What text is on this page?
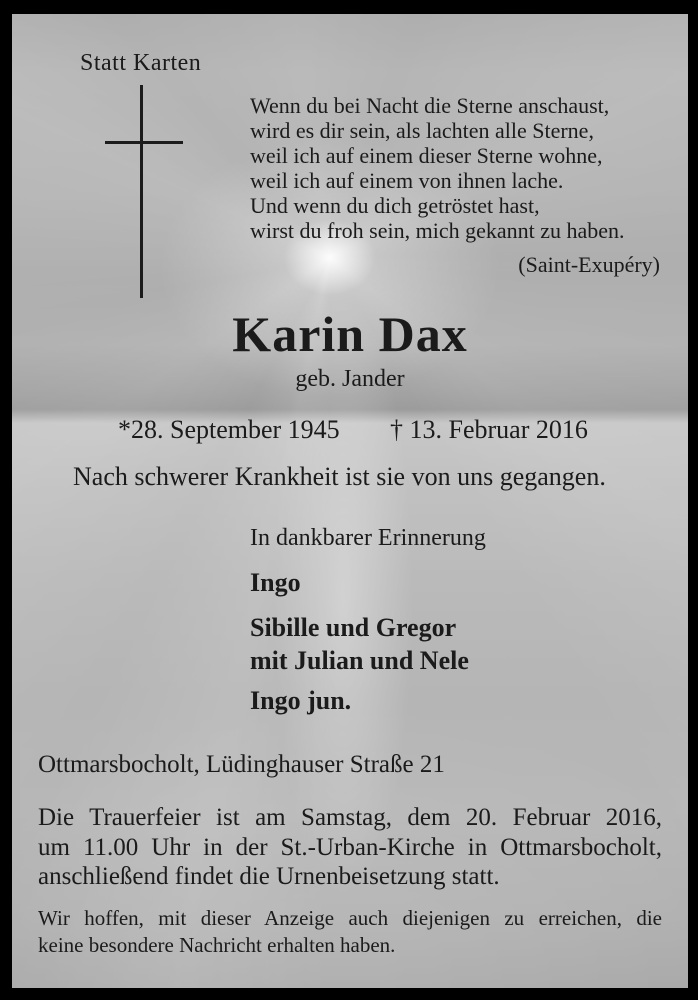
Statt Karten
Wenn du bei Nacht die Sterne anschaust,
wird es dir sein, als lachten alle Sterne,
weil ich auf einem dieser Sterne wohne,
weil ich auf einem von ihnen lache.
Und wenn du dich getröstet hast,
wirst du froh sein, mich gekannt zu haben.
(Saint-Exupéry)
Karin Dax
geb. Jander
*28. September 1945 † 13. Februar 2016
Nach schwerer Krankheit ist sie von uns gegangen.
In dankbarer Erinnerung
Ingo
Sibille und Gregor
mit Julian und Nele
Ingo jun.
Ottmarsbocholt, Lüdinghauser Straße 21
Die Trauerfeier ist am Samstag, dem 20. Februar 2016,
um 11.00 Uhr in der St.-Urban-Kirche in Ottmarsbocholt,
anschließend findet die Urnenbeisetzung statt.
Wir hoffen, mit dieser Anzeige auch diejenigen zu erreichen, die
keine besondere Nachricht erhalten haben.
